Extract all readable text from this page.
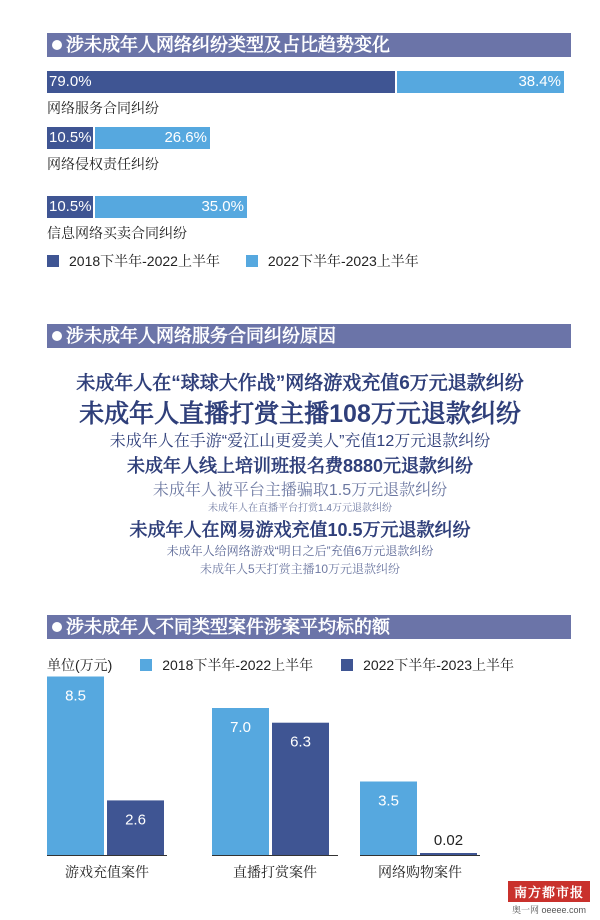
涉未成年人网络纠纷类型及占比趋势变化
79.0%	38.4%
网络服务合同纠纷
10.5%	26.6%
网络侵权责任纠纷
10.5%	35.0%
信息网络买卖合同纠纷
2018下半年-2022上半年	2022下半年-2023上半年
涉未成年人网络服务合同纠纷原因
未成年人在“球球大作战”网络游戏充值6万元退款纠纷
未成年人直播打赏主播108万元退款纠纷
未成年人在手游“爱江山更爱美人”充值12万元退款纠纷
未成年人线上培训班报名费8880元退款纠纷
未成年人被平台主播骗取1.5万元退款纠纷
未成年人在直播平台打赏1.4万元退款纠纷
未成年人在网易游戏充值10.5万元退款纠纷
未成年人给网络游戏“明日之后”充值6万元退款纠纷
未成年人5天打赏主播10万元退款纠纷
涉未成年人不同类型案件涉案平均标的额
单位(万元)	2018下半年-2022上半年	2022下半年-2023上半年
8.5
2.6
游戏充值案件
7.0
6.3
直播打赏案件
3.5
0.02
网络购物案件
南方都市报
奥一网 oeeee.com
